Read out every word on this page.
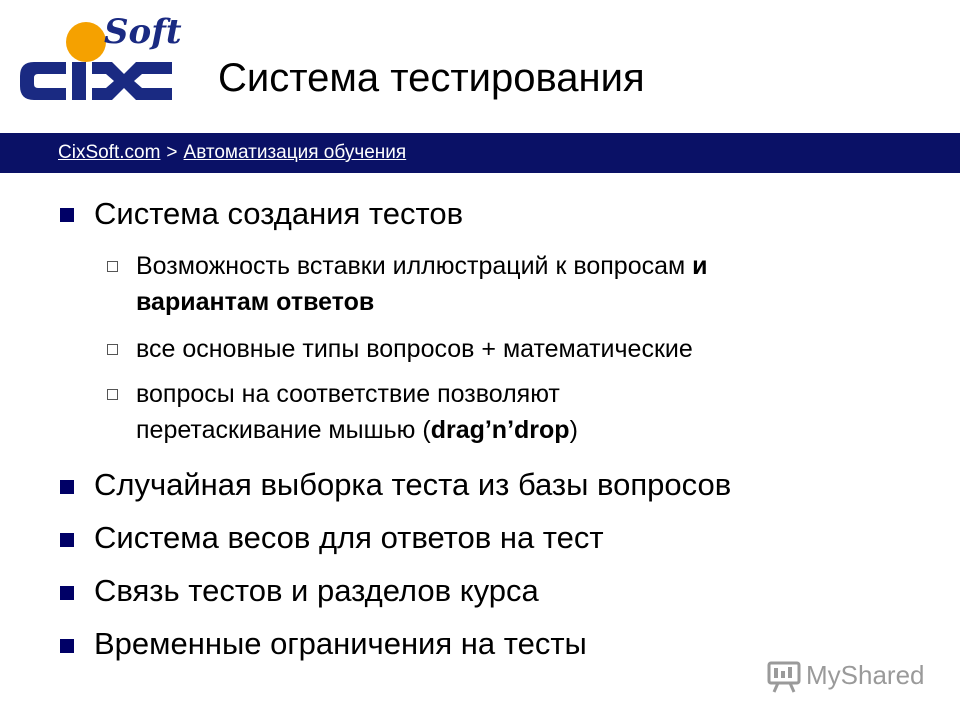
Soft
Система тестирования
CixSoft.com > Автоматизация обучения
Система создания тестов
Возможность вставки иллюстраций к вопросам и
вариантам ответов
все основные типы вопросов + математические
вопросы на соответствие позволяют
перетаскивание мышью (drag’n’drop)
Случайная выборка теста из базы вопросов
Система весов для ответов на тест
Связь тестов и разделов курса
Временные ограничения на тесты
MyShared
